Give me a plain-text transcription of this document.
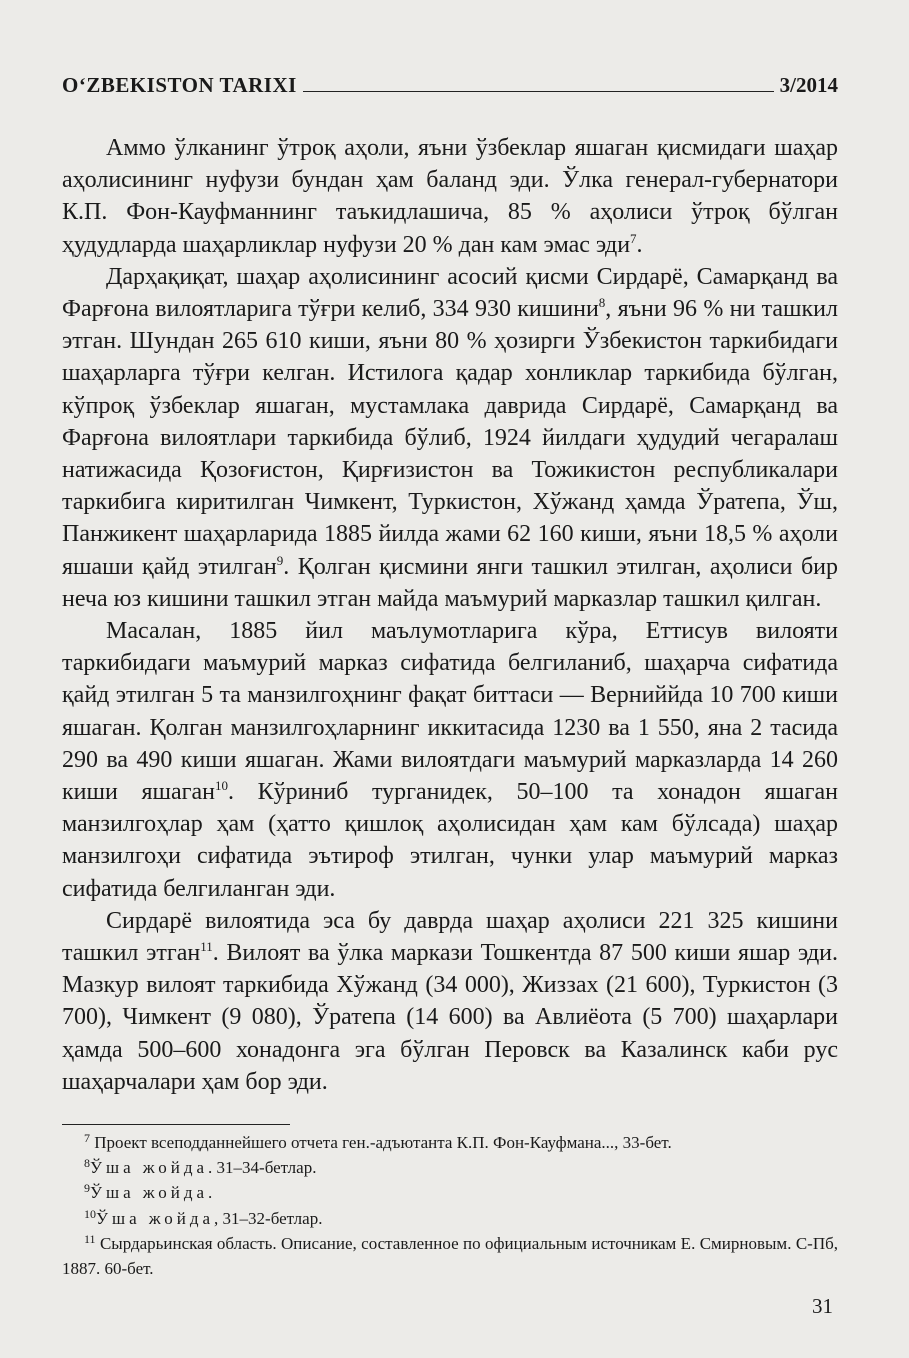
O‘ZBEKISTON TARIXI	3/2014

Аммо ўлканинг ўтроқ аҳоли, яъни ўзбеклар яшаган қисмидаги шаҳар аҳолисининг нуфузи бундан ҳам баланд эди. Ўлка генерал-губернатори К.П. Фон-Кауфманнинг таъкидлашича, 85 % аҳолиси ўтроқ бўлган ҳудудларда шаҳарликлар нуфузи 20 % дан кам эмас эди$^7$.

Дарҳақиқат, шаҳар аҳолисининг асосий қисми Сирдарё, Самарқанд ва Фарғона вилоятларига тўғри келиб, 334 930 кишини$^8$, яъни 96 % ни ташкил этган. Шундан 265 610 киши, яъни 80 % ҳозирги Ўзбекистон таркибидаги шаҳарларга тўғри келган. Истилога қадар хонликлар таркибида бўлган, кўпроқ ўзбеклар яшаган, мустамлака даврида Сирдарё, Самарқанд ва Фарғона вилоятлари таркибида бўлиб, 1924 йилдаги ҳудудий чегаралаш натижасида Қозоғистон, Қирғизистон ва Тожикистон республикалари таркибига киритилган Чимкент, Туркистон, Хўжанд ҳамда Ўратепа, Ўш, Панжикент шаҳарларида 1885 йилда жами 62 160 киши, яъни 18,5 % аҳоли яшаши қайд этилган$^9$. Қолган қисмини янги ташкил этилган, аҳолиси бир неча юз кишини ташкил этган майда маъмурий марказлар ташкил қилган.

Масалан, 1885 йил маълумотларига кўра, Еттисув вилояти таркибидаги маъмурий марказ сифатида белгиланиб, шаҳарча сифатида қайд этилган 5 та манзилгоҳнинг фақат биттаси — Верниййда 10 700 киши яшаган. Қолган манзилгоҳларнинг иккитасида 1230 ва 1 550, яна 2 тасида 290 ва 490 киши яшаган. Жами вилоятдаги маъмурий марказларда 14 260 киши яшаган$^{10}$. Кўриниб турганидек, 50–100 та хонадон яшаган манзилгоҳлар ҳам (ҳатто қишлоқ аҳолисидан ҳам кам бўлсада) шаҳар манзилгоҳи сифатида эътироф этилган, чунки улар маъмурий марказ сифатида белгиланган эди.

Сирдарё вилоятида эса бу даврда шаҳар аҳолиси 221 325 кишини ташкил этган$^{11}$. Вилоят ва ўлка маркази Тошкентда 87 500 киши яшар эди. Мазкур вилоят таркибида Хўжанд (34 000), Жиззах (21 600), Туркистон (3 700), Чимкент (9 080), Ўратепа (14 600) ва Авлиёота (5 700) шаҳарлари ҳамда 500–600 хонадонга эга бўлган Перовск ва Казалинск каби рус шаҳарчалари ҳам бор эди.

$^7$ Проект всеподданнейшего отчета ген.-адъютанта К.П. Фон-Кауфмана..., 33-бет.

$^8$Ўша жойда. 31–34-бетлар.

$^9$Ўша жойда.

$^{10}$Ўша жойда, 31–32-бетлар.

$^{11}$ Сырдарьинская область. Описание, составленное по официальным источникам Е. Смирновым. С-Пб, 1887. 60-бет.

31
